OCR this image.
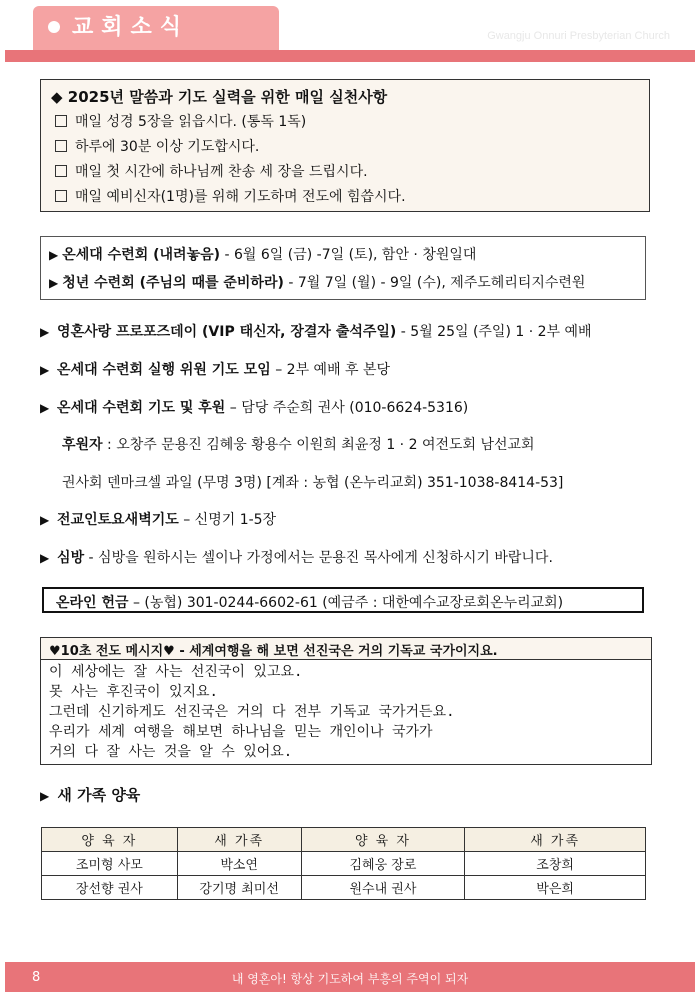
교회소식	Gwangju Onnuri Presbyterian Church
◆ 2025년 말씀과 기도 실력을 위한 매일 실천사항
매일 성경 5장을 읽읍시다. (통독 1독)
하루에 30분 이상 기도합시다.
매일 첫 시간에 하나님께 찬송 세 장을 드립시다.
매일 예비신자(1명)를 위해 기도하며 전도에 힘씁시다.
▶ 온세대 수련회 (내려놓음) - 6월 6일 (금) -7일 (토), 함안 · 창원일대
▶ 청년 수련회 (주님의 때를 준비하라) - 7월 7일 (월) - 9일 (수), 제주도헤리티지수련원
▶ 영혼사랑 프로포즈데이 (VIP 태신자, 장결자 출석주일) - 5월 25일 (주일) 1 · 2부 예배
▶ 온세대 수련회 실행 위원 기도 모임 – 2부 예배 후 본당
▶ 온세대 수련회 기도 및 후원 – 담당 주순희 권사 (010-6624-5316)
후원자 : 오창주 문용진 김혜웅 황용수 이원희 최윤정 1 · 2 여전도회 남선교회
권사회 덴마크셀 과일 (무명 3명) [계좌 : 농협 (온누리교회) 351-1038-8414-53]
▶ 전교인토요새벽기도 – 신명기 1-5장
▶ 심방 - 심방을 원하시는 셀이나 가정에서는 문용진 목사에게 신청하시기 바랍니다.
온라인 헌금 – (농협) 301-0244-6602-61 (예금주 : 대한예수교장로회온누리교회)
♥10초 전도 메시지♥ - 세계여행을 해 보면 선진국은 거의 기독교 국가이지요.
이 세상에는 잘 사는 선진국이 있고요.
못 사는 후진국이 있지요.
그런데 신기하게도 선진국은 거의 다 전부 기독교 국가거든요.
우리가 세계 여행을 해보면 하나님을 믿는 개인이나 국가가
거의 다 잘 사는 것을 알 수 있어요.
▶ 새 가족 양육
양 육 자	새 가족	양 육 자	새 가족
조미형 사모	박소연	김혜웅 장로	조창희
장선향 권사	강기명 최미선	원수내 권사	박은희
8	내 영혼아! 항상 기도하여 부흥의 주역이 되자
